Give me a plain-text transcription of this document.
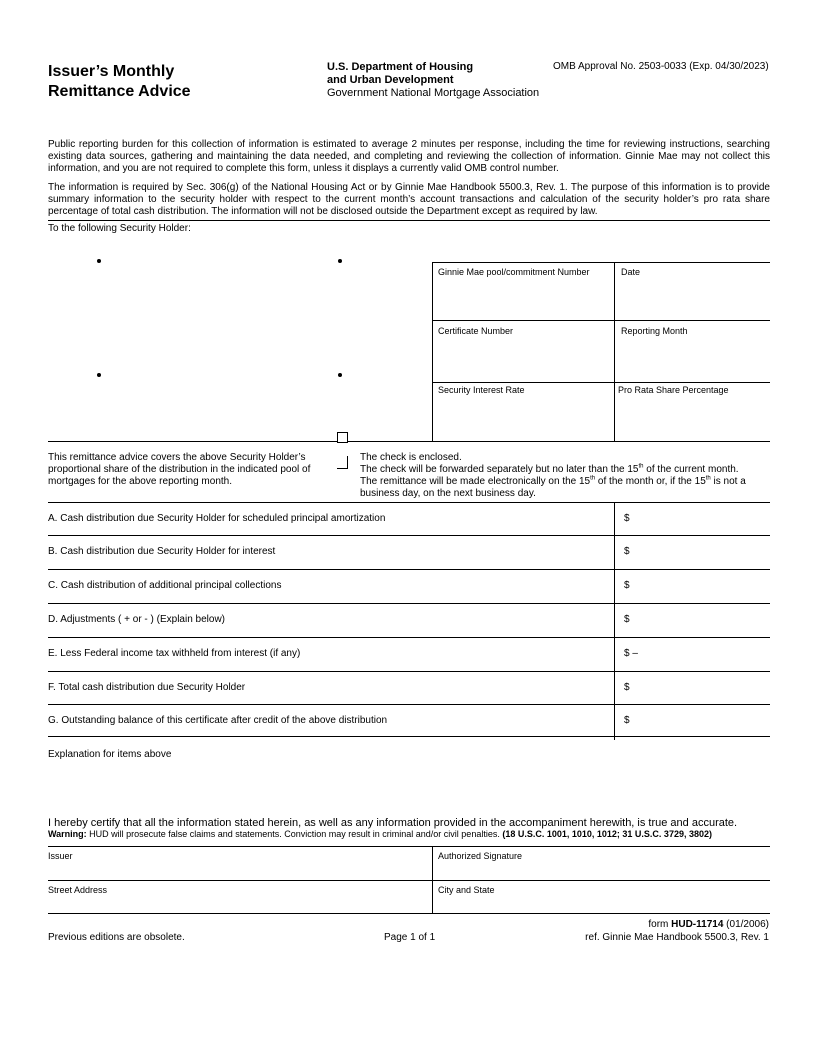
Issuer’s Monthly
Remittance Advice
U.S. Department of Housing
and Urban Development
Government National Mortgage Association
OMB Approval No. 2503-0033 (Exp. 04/30/2023)
Public reporting burden for this collection of information is estimated to average 2 minutes per response, including the time for reviewing instructions, searching existing data sources, gathering and maintaining the data needed, and completing and reviewing the collection of information. Ginnie Mae may not collect this information, and you are not required to complete this form, unless it displays a currently valid OMB control number.
The information is required by Sec. 306(g) of the National Housing Act or by Ginnie Mae Handbook 5500.3, Rev. 1. The purpose of this information is to provide summary information to the security holder with respect to the current month’s account transactions and calculation of the security holder’s pro rata share percentage of total cash distribution. The information will not be disclosed outside the Department except as required by law.
To the following Security Holder:
Ginnie Mae pool/commitment Number	Date
Certificate Number	Reporting Month
Security Interest Rate	Pro Rata Share Percentage
This remittance advice covers the above Security Holder’s proportional share of the distribution in the indicated pool of mortgages for the above reporting month.
The check is enclosed.
The check will be forwarded separately but no later than the 15th of the current month.
The remittance will be made electronically on the 15th of the month or, if the 15th is not a business day, on the next business day.
A. Cash distribution due Security Holder for scheduled principal amortization	$
B. Cash distribution due Security Holder for interest	$
C. Cash distribution of additional principal collections	$
D. Adjustments ( + or - ) (Explain below)	$
E. Less Federal income tax withheld from interest (if any)	$ –
F. Total cash distribution due Security Holder	$
G. Outstanding balance of this certificate after credit of the above distribution	$
Explanation for items above
I hereby certify that all the information stated herein, as well as any information provided in the accompaniment herewith, is true and accurate.
Warning: HUD will prosecute false claims and statements. Conviction may result in criminal and/or civil penalties. (18 U.S.C. 1001, 1010, 1012; 31 U.S.C. 3729, 3802)
Issuer	Authorized Signature
Street Address	City and State
form HUD-11714 (01/2006)
Previous editions are obsolete.	Page 1 of 1	ref. Ginnie Mae Handbook 5500.3, Rev. 1
